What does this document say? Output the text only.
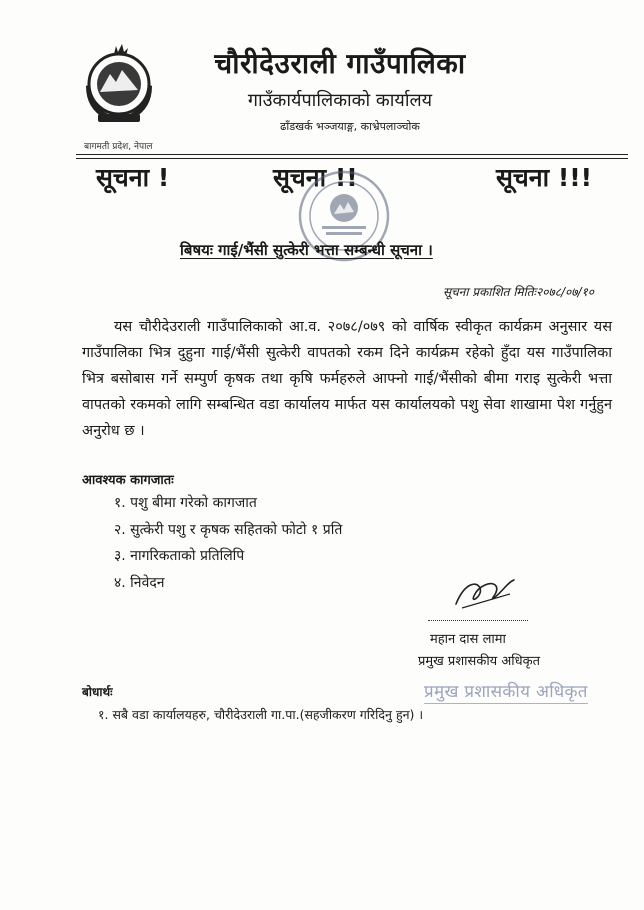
बागमती प्रदेश, नेपाल
चौरीदेउराली गाउँपालिका
गाउँकार्यपालिकाको कार्यालय
ढाँडखर्क भञ्जयाङ्ग, काभ्रेपलाञ्चोक
सूचना !	सूचना !!	सूचना !!!
बिषयः गाई/भैंसी सुत्केरी भत्ता सम्बन्धी सूचना ।
सूचना प्रकाशित मितिः२०७८/०७/१०

यस चौरीदेउराली गाउँपालिकाको आ.व. २०७८/०७९ को वार्षिक स्वीकृत कार्यक्रम अनुसार यस गाउँपालिका भित्र दुहुना गाई/भैंसी सुत्केरी वापतको रकम दिने कार्यक्रम रहेको हुँदा यस गाउँपालिका भित्र बसोबास गर्ने सम्पुर्ण कृषक तथा कृषि फर्महरुले आफ्नो गाई/भैंसीको बीमा गराइ सुत्केरी भत्ता वापतको रकमको लागि सम्बन्धित वडा कार्यालय मार्फत यस कार्यालयको पशु सेवा शाखामा पेश गर्नुहुन अनुरोध छ ।

आवश्यक कागजातः
१. पशु बीमा गरेको कागजात
२. सुत्केरी पशु र कृषक सहितको फोटो १ प्रति
३. नागरिकताको प्रतिलिपि
४. निवेदन
महान दास लामा
प्रमुख प्रशासकीय अधिकृत
प्रमुख प्रशासकीय अधिकृत
बोधार्थः
१. सबै वडा कार्यालयहरु, चौरीदेउराली गा.पा.(सहजीकरण गरिदिनु हुन) ।
